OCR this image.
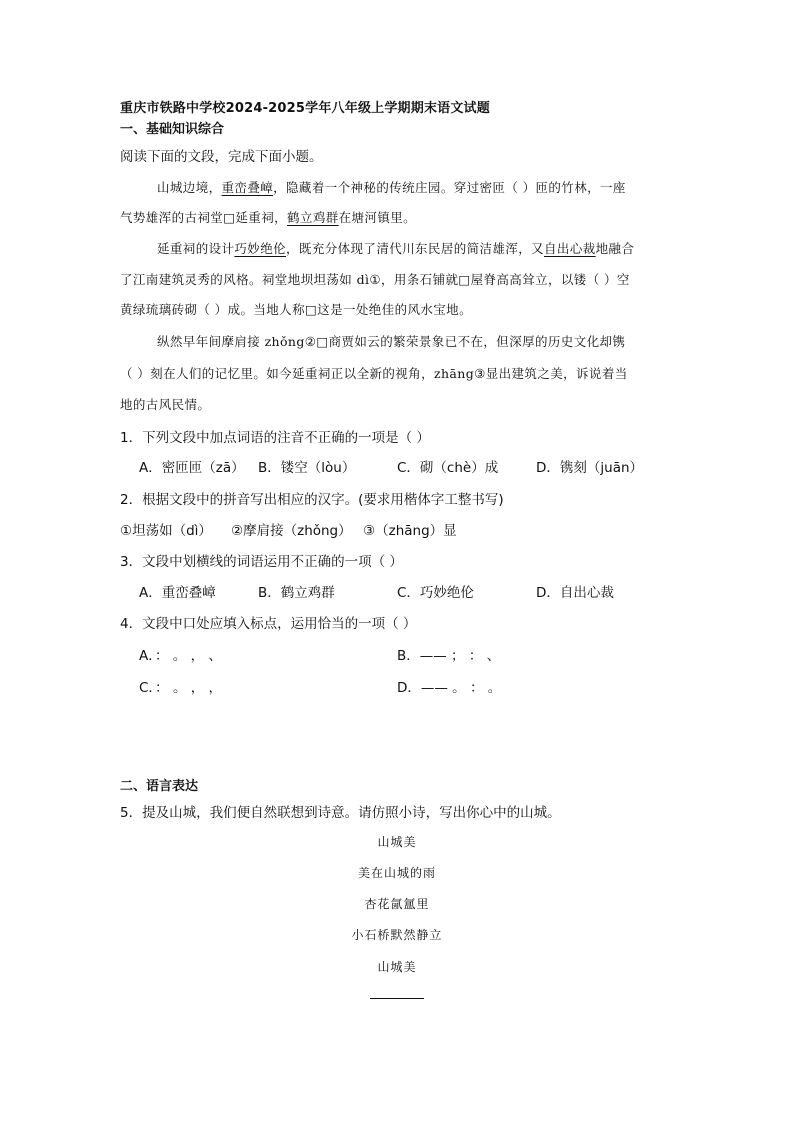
重庆市铁路中学校2024-2025学年八年级上学期期末语文试题
一、基础知识综合
阅读下面的文段，完成下面小题。
山城边境，重峦叠嶂，隐藏着一个神秘的传统庄园。穿过密匝（ ）匝的竹林，一座
气势雄浑的古祠堂□延重祠，鹤立鸡群在塘河镇里。
延重祠的设计巧妙绝伦，既充分体现了清代川东民居的简洁雄浑，又自出心裁地融合
了江南建筑灵秀的风格。祠堂地坝坦荡如 dì①，用条石铺就□屋脊高高耸立，以镂（ ）空
黄绿琉璃砖砌（ ）成。当地人称□这是一处绝佳的风水宝地。
纵然早年间摩肩接 zhǒng②□商贾如云的繁荣景象已不在，但深厚的历史文化却镌
（ ）刻在人们的记忆里。如今延重祠正以全新的视角，zhāng③显出建筑之美，诉说着当
地的古风民情。
1．下列文段中加点词语的注音不正确的一项是（ ）
A．密匝匝（zā） B．镂空（lòu）	C．砌（chè）成	D．镌刻（juān）
2．根据文段中的拼音写出相应的汉字。(要求用楷体字工整书写)
①坦荡如（dì） ②摩肩接（zhǒng） ③（zhāng）显
3．文段中划横线的词语运用不正确的一项（ ）
A．重峦叠嶂	B．鹤立鸡群	C．巧妙绝伦	D．自出心裁
4．文段中口处应填入标点，运用恰当的一项（ ）
A．： 。 ， 、	B．—— ； ： 、
C．： 。 ， ，	D．—— 。 ： 。
二、语言表达
5．提及山城，我们便自然联想到诗意。请仿照小诗，写出你心中的山城。
山城美
美在山城的雨
杏花氤氲里
小石桥默然静立
山城美
